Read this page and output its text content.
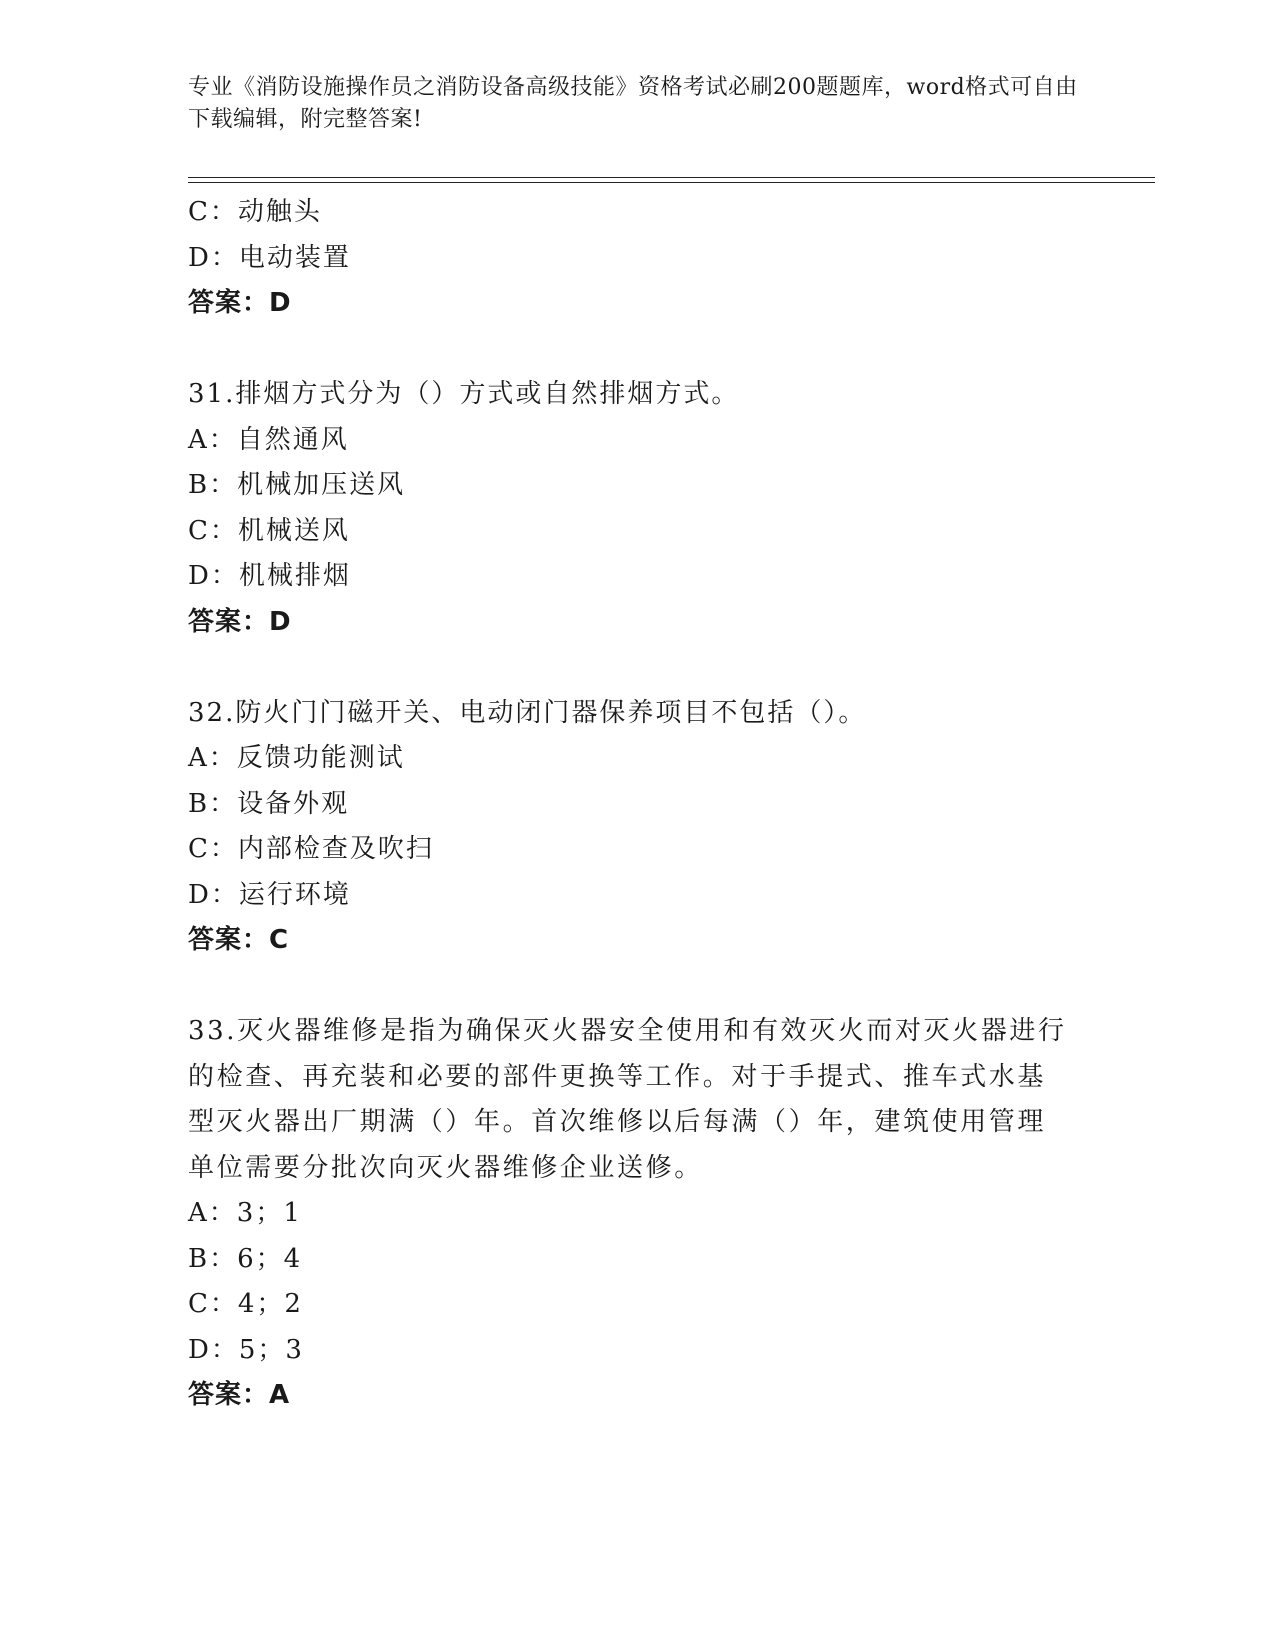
专业《消防设施操作员之消防设备高级技能》资格考试必刷200题题库，word格式可自由下载编辑，附完整答案!
C：动触头
D：电动装置
答案：D
31.排烟方式分为（）方式或自然排烟方式。
A：自然通风
B：机械加压送风
C：机械送风
D：机械排烟
答案：D
32.防火门门磁开关、电动闭门器保养项目不包括（）。
A：反馈功能测试
B：设备外观
C：内部检查及吹扫
D：运行环境
答案：C
33.灭火器维修是指为确保灭火器安全使用和有效灭火而对灭火器进行的检查、再充装和必要的部件更换等工作。对于手提式、推车式水基型灭火器出厂期满（）年。首次维修以后每满（）年，建筑使用管理单位需要分批次向灭火器维修企业送修。
A：3；1
B：6；4
C：4；2
D：5；3
答案：A
